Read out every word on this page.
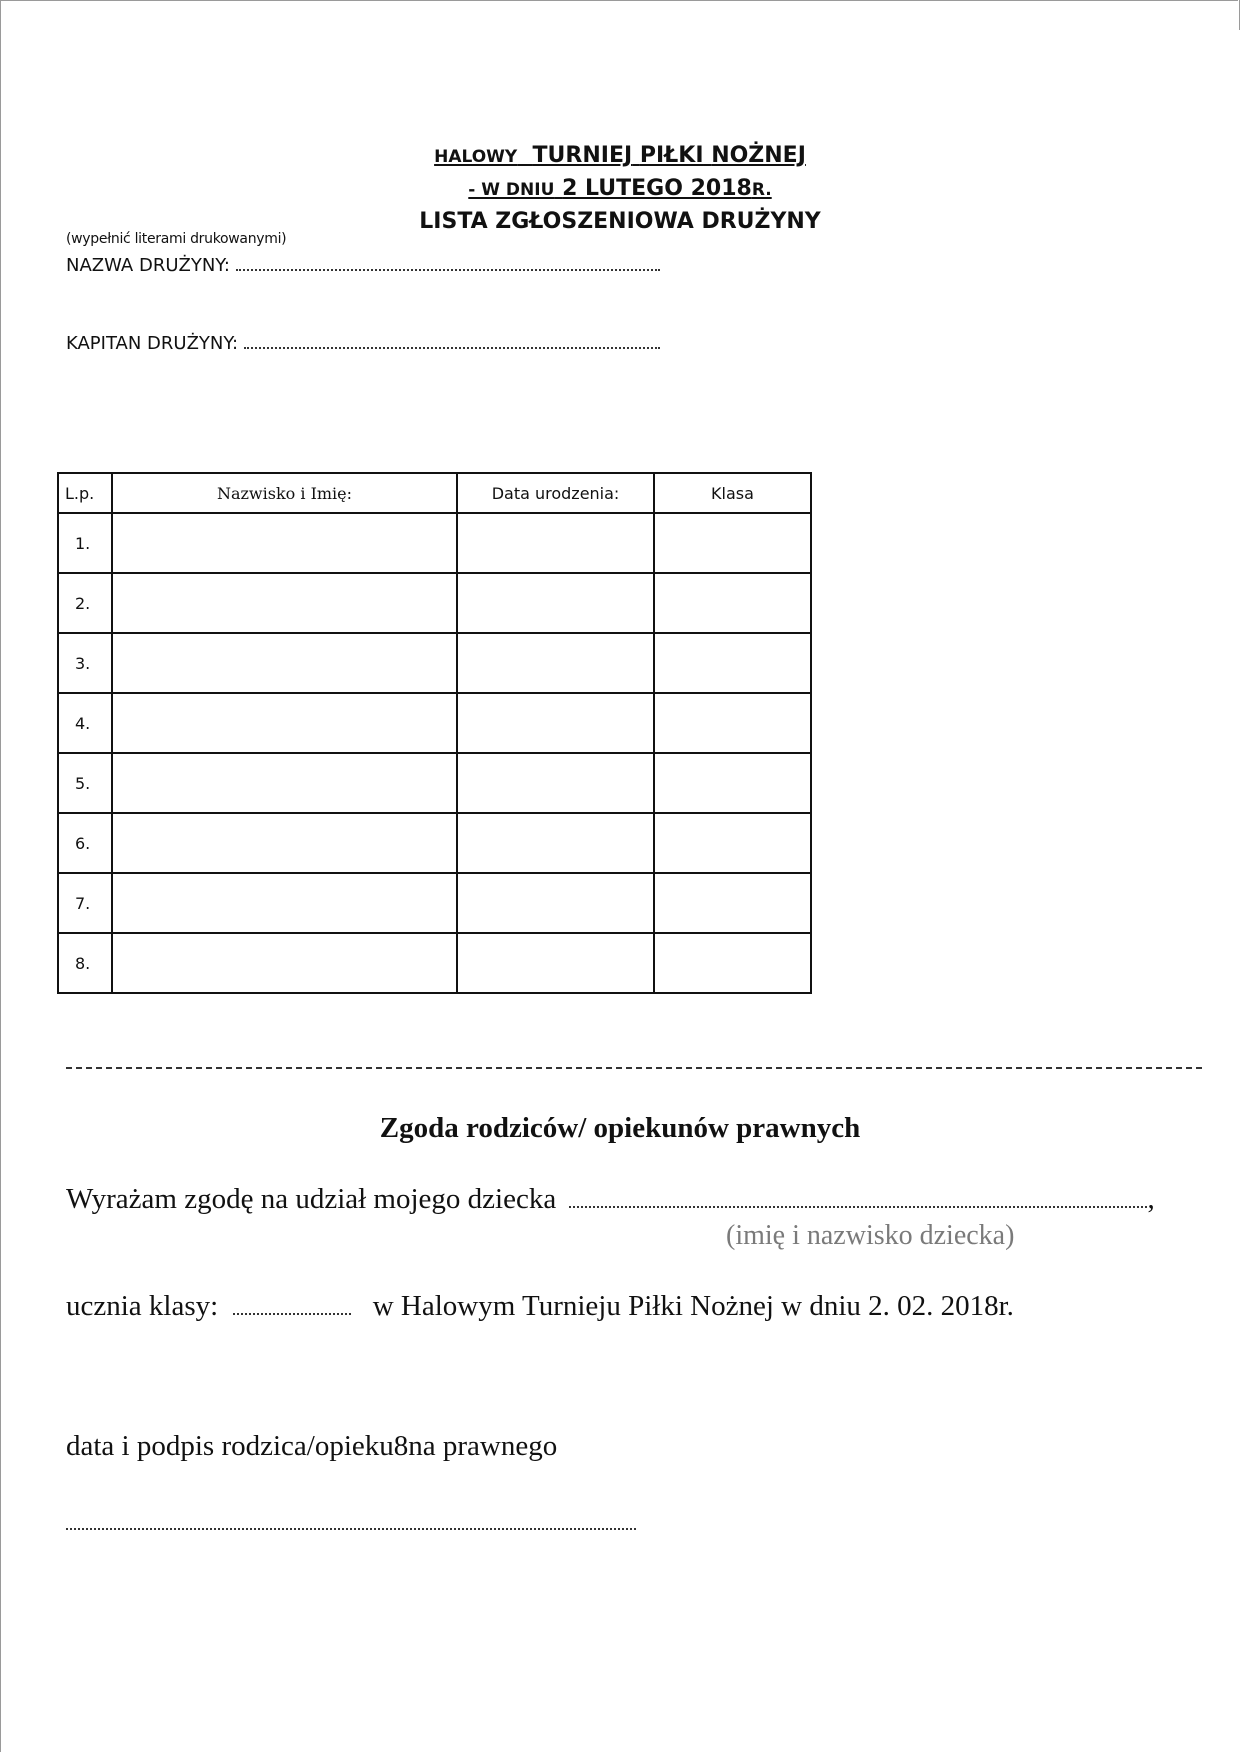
HALOWY TURNIEJ PIŁKI NOŻNEJ
- W DNIU 2 LUTEGO 2018R.
LISTA ZGŁOSZENIOWA DRUŻYNY
(wypełnić literami drukowanymi)
NAZWA DRUŻYNY:
KAPITAN DRUŻYNY:
L.p.	Nazwisko i Imię:	Data urodzenia:	Klasa
1.			
2.			
3.			
4.			
5.			
6.			
7.			
8.			
Zgoda rodziców/ opiekunów prawnych
Wyrażam zgodę na udział mojego dziecka	,
(imię i nazwisko dziecka)
ucznia klasy:	w Halowym Turnieju Piłki Nożnej w dniu 2. 02. 2018r.
data i podpis rodzica/opieku8na prawnego
